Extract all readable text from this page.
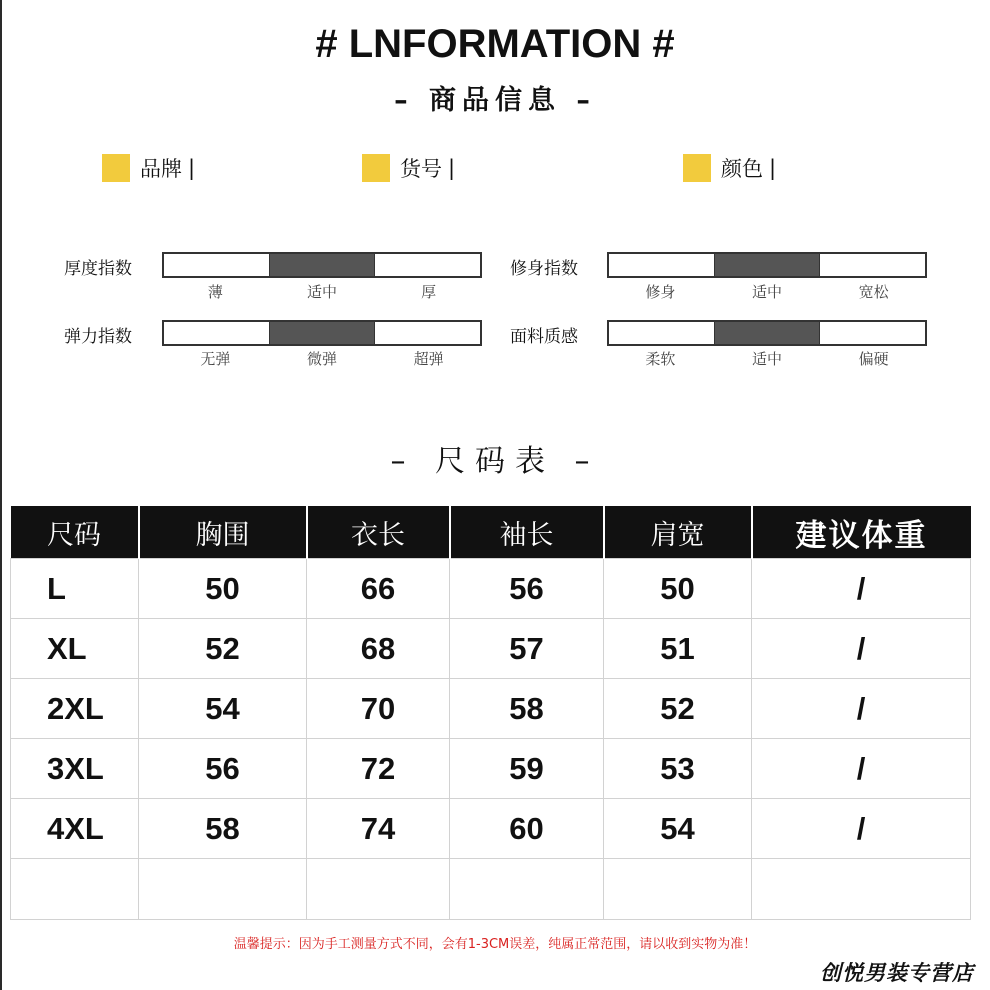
# LNFORMATION #
– 商品信息 –
品牌 |	货号 |	颜色 |
厚度指数
薄	适中	厚
修身指数
修身	适中	宽松
弹力指数
无弹	微弹	超弹
面料质感
柔软	适中	偏硬
– 尺码表 –
尺码	胸围	衣长	袖长	肩宽	建议体重
L	50	66	56	50	/
XL	52	68	57	51	/
2XL	54	70	58	52	/
3XL	56	72	59	53	/
4XL	58	74	60	54	/

温馨提示：因为手工测量方式不同，会有1-3CM误差，纯属正常范围，请以收到实物为准！
创悦男装专营店
